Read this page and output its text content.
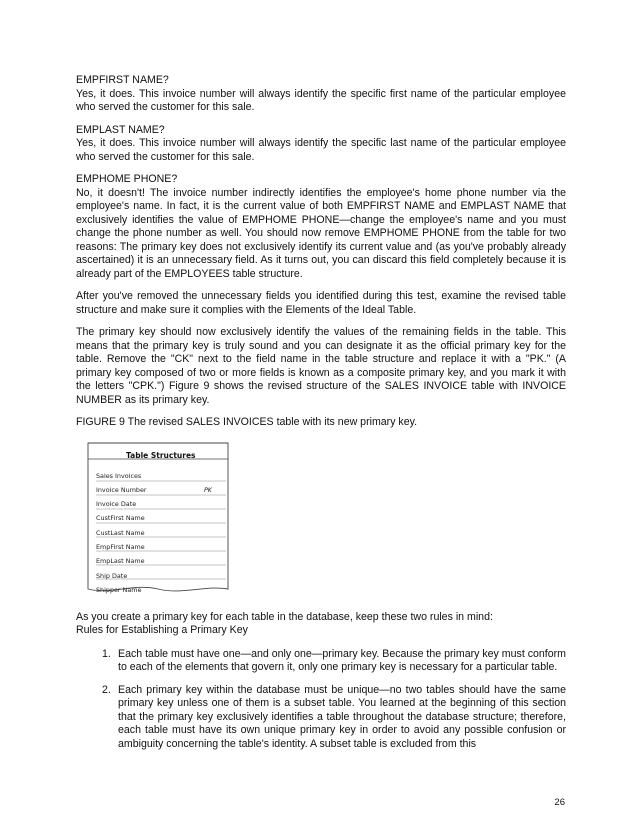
EMPFIRST NAME?

Yes, it does. This invoice number will always identify the specific first name of the particular employee who served the customer for this sale.

EMPLAST NAME?

Yes, it does. This invoice number will always identify the specific last name of the particular employee who served the customer for this sale.

EMPHOME PHONE?

No, it doesn't! The invoice number indirectly identifies the employee's home phone number via the employee's name. In fact, it is the current value of both EMPFIRST NAME and EMPLAST NAME that exclusively identifies the value of EMPHOME PHONE—change the employee's name and you must change the phone number as well. You should now remove EMPHOME PHONE from the table for two reasons: The primary key does not exclusively identify its current value and (as you've probably already ascertained) it is an unnecessary field. As it turns out, you can discard this field completely because it is already part of the EMPLOYEES table structure.

After you've removed the unnecessary fields you identified during this test, examine the revised table structure and make sure it complies with the Elements of the Ideal Table.

The primary key should now exclusively identify the values of the remaining fields in the table. This means that the primary key is truly sound and you can designate it as the official primary key for the table. Remove the "CK" next to the field name in the table structure and replace it with a "PK." (A primary key composed of two or more fields is known as a composite primary key, and you mark it with the letters "CPK.") Figure 9 shows the revised structure of the SALES INVOICE table with INVOICE NUMBER as its primary key.

FIGURE 9 The revised SALES INVOICES table with its new primary key.

Table Structures
Sales Invoices
Invoice Number	PK
Invoice Date
CustFirst Name
CustLast Name
EmpFirst Name
EmpLast Name
Ship Date
Shipper Name
As you create a primary key for each table in the database, keep these two rules in mind:
Rules for Establishing a Primary Key
1. Each table must have one—and only one—primary key. Because the primary key must conform to each of the elements that govern it, only one primary key is necessary for a particular table.
2. Each primary key within the database must be unique—no two tables should have the same primary key unless one of them is a subset table. You learned at the beginning of this section that the primary key exclusively identifies a table throughout the database structure; therefore, each table must have its own unique primary key in order to avoid any possible confusion or ambiguity concerning the table's identity. A subset table is excluded from this
26
